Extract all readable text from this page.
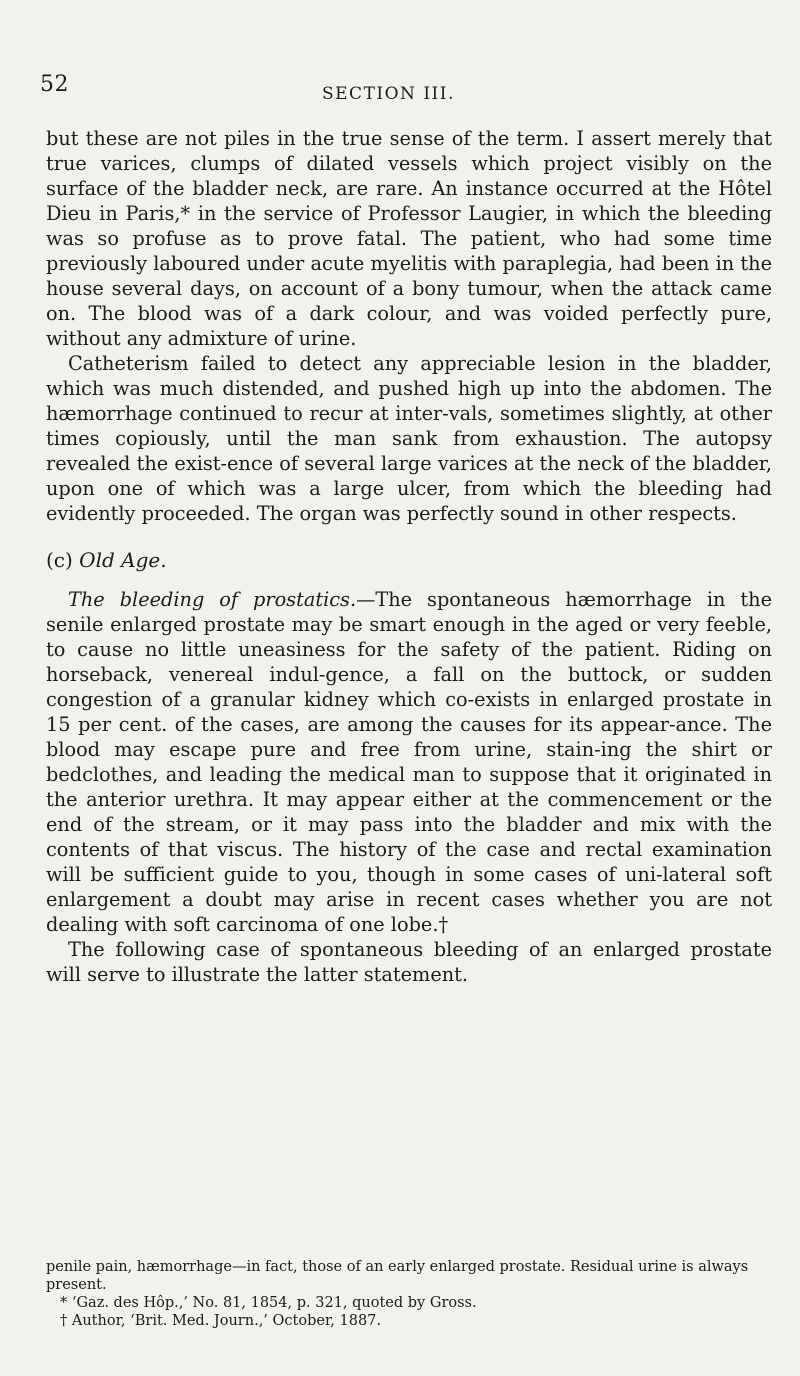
52	SECTION III.

but these are not piles in the true sense of the term. I assert merely that true varices, clumps of dilated vessels which project visibly on the surface of the bladder neck, are rare. An instance occurred at the Hôtel Dieu in Paris,* in the service of Professor Laugier, in which the bleeding was so profuse as to prove fatal. The patient, who had some time previously laboured under acute myelitis with paraplegia, had been in the house several days, on account of a bony tumour, when the attack came on. The blood was of a dark colour, and was voided perfectly pure, without any admixture of urine.

Catheterism failed to detect any appreciable lesion in the bladder, which was much distended, and pushed high up into the abdomen. The hæmorrhage continued to recur at inter-vals, sometimes slightly, at other times copiously, until the man sank from exhaustion. The autopsy revealed the exist-ence of several large varices at the neck of the bladder, upon one of which was a large ulcer, from which the bleeding had evidently proceeded. The organ was perfectly sound in other respects.

(c) Old Age.

The bleeding of prostatics.—The spontaneous hæmorrhage in the senile enlarged prostate may be smart enough in the aged or very feeble, to cause no little uneasiness for the safety of the patient. Riding on horseback, venereal indul-gence, a fall on the buttock, or sudden congestion of a granular kidney which co-exists in enlarged prostate in 15 per cent. of the cases, are among the causes for its appear-ance. The blood may escape pure and free from urine, stain-ing the shirt or bedclothes, and leading the medical man to suppose that it originated in the anterior urethra. It may appear either at the commencement or the end of the stream, or it may pass into the bladder and mix with the contents of that viscus. The history of the case and rectal examination will be sufficient guide to you, though in some cases of uni-lateral soft enlargement a doubt may arise in recent cases whether you are not dealing with soft carcinoma of one lobe.†

The following case of spontaneous bleeding of an enlarged prostate will serve to illustrate the latter statement.

penile pain, hæmorrhage—in fact, those of an early enlarged prostate. Residual urine is always present.

* ‘Gaz. des Hôp.,’ No. 81, 1854, p. 321, quoted by Gross.

† Author, ‘Brit. Med. Journ.,’ October, 1887.
